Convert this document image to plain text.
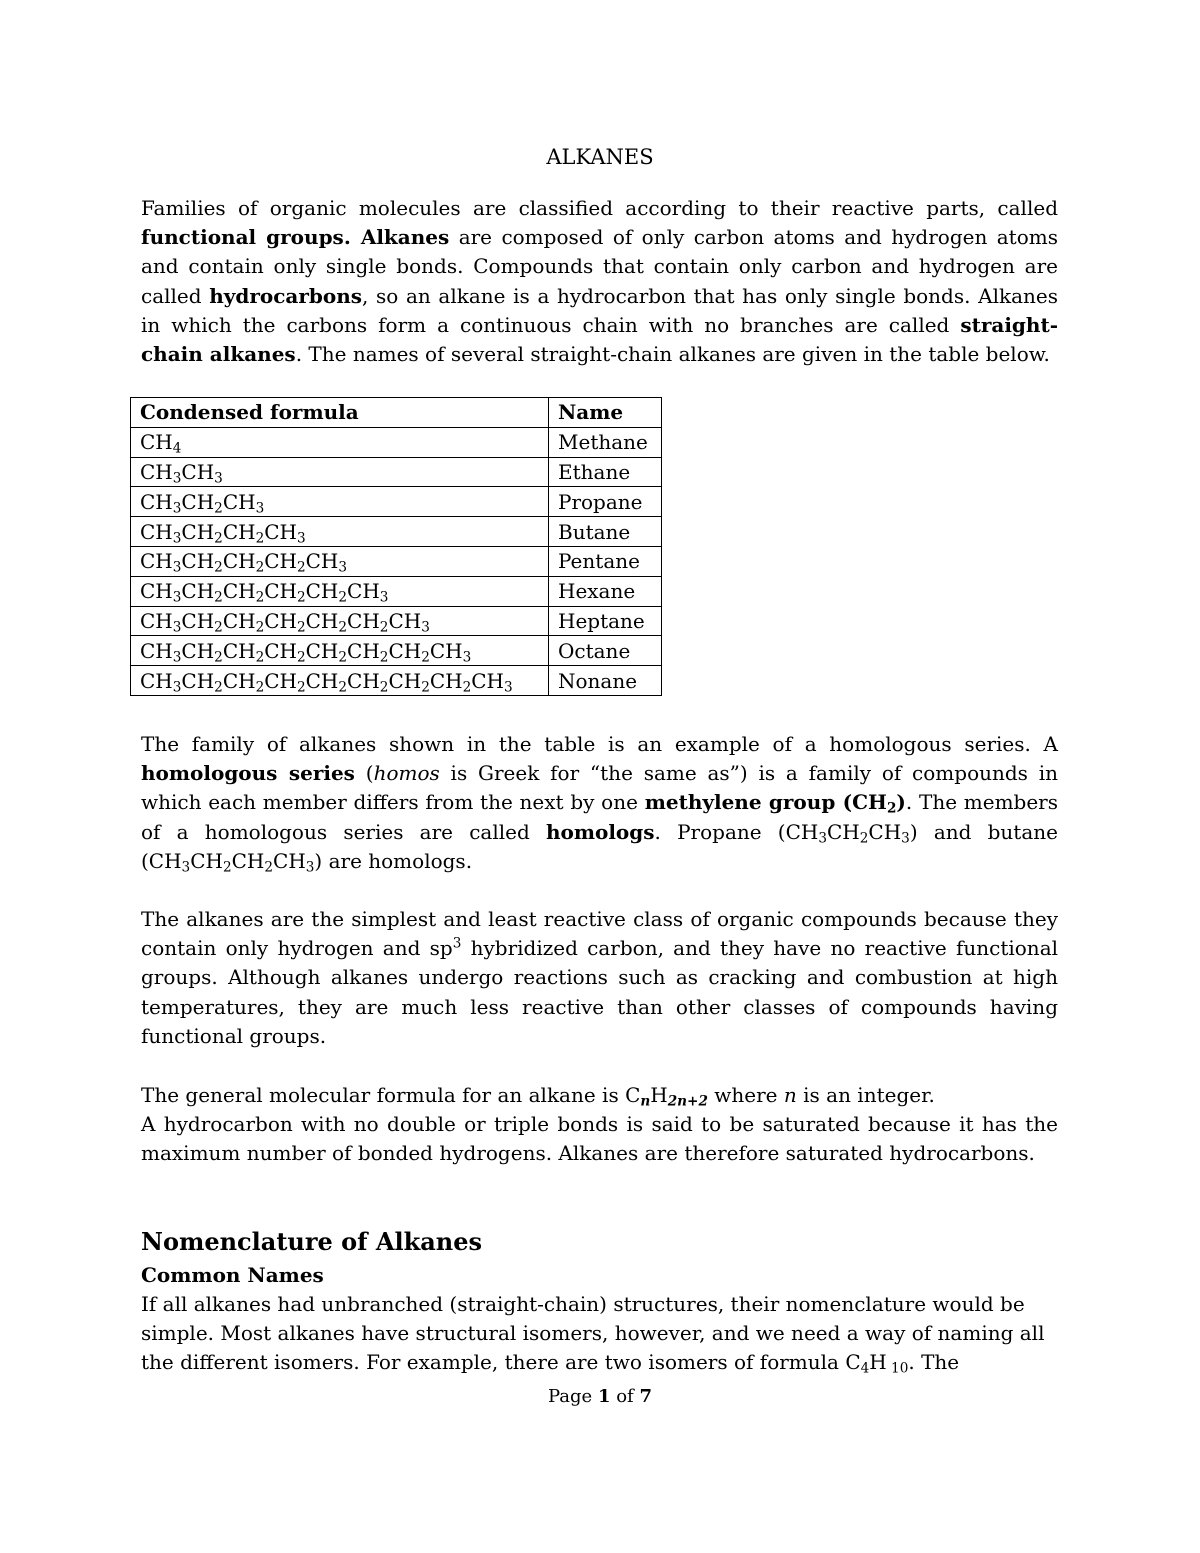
ALKANES

Families of organic molecules are classified according to their reactive parts, called functional groups. Alkanes are composed of only carbon atoms and hydrogen atoms and contain only single bonds. Compounds that contain only carbon and hydrogen are called hydrocarbons, so an alkane is a hydrocarbon that has only single bonds. Alkanes in which the carbons form a continuous chain with no branches are called straight-chain alkanes. The names of several straight-chain alkanes are given in the table below.

Condensed formula	Name
$CH_4$	Methane
$CH_3CH_3$	Ethane
$CH_3CH_2CH_3$	Propane
$CH_3CH_2CH_2CH_3$	Butane
$CH_3CH_2CH_2CH_2CH_3$	Pentane
$CH_3CH_2CH_2CH_2CH_2CH_3$	Hexane
$CH_3CH_2CH_2CH_2CH_2CH_2CH_3$	Heptane
$CH_3CH_2CH_2CH_2CH_2CH_2CH_2CH_3$	Octane
$CH_3CH_2CH_2CH_2CH_2CH_2CH_2CH_2CH_3$	Nonane

The family of alkanes shown in the table is an example of a homologous series. A homologous series (homos is Greek for “the same as”) is a family of compounds in which each member differs from the next by one methylene group $(CH_2)$. The members of a homologous series are called homologs. Propane $(CH_3CH_2CH_3)$ and butane $(CH_3CH_2CH_2CH_3)$ are homologs.

The alkanes are the simplest and least reactive class of organic compounds because they contain only hydrogen and $sp^3$ hybridized carbon, and they have no reactive functional groups. Although alkanes undergo reactions such as cracking and combustion at high temperatures, they are much less reactive than other classes of compounds having functional groups.

The general molecular formula for an alkane is $C_nH_{2n+2}$ where n is an integer.

A hydrocarbon with no double or triple bonds is said to be saturated because it has the maximum number of bonded hydrogens. Alkanes are therefore saturated hydrocarbons.

Nomenclature of Alkanes
Common Names

If all alkanes had unbranched (straight-chain) structures, their nomenclature would be simple. Most alkanes have structural isomers, however, and we need a way of naming all the different isomers. For example, there are two isomers of formula $C_4H$ $_{10}$. The

Page 1 of 7
